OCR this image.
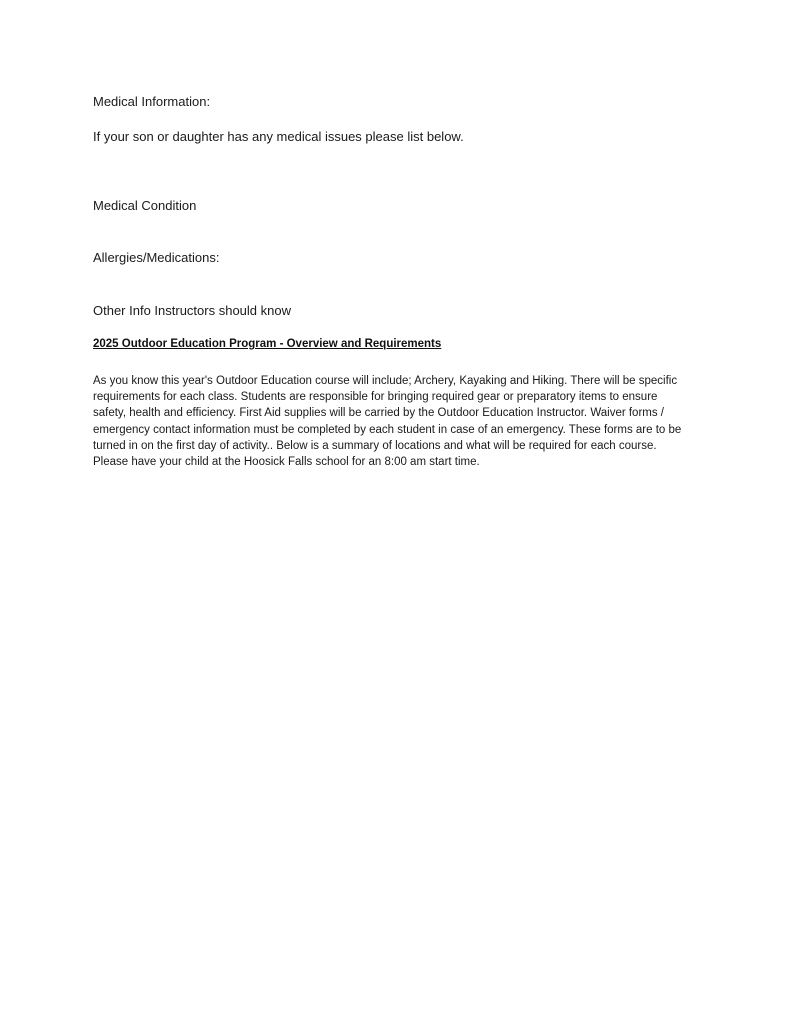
Medical Information:
If your son or daughter has any medical issues please list below.
Medical Condition
Allergies/Medications:
Other Info Instructors should know
2025 Outdoor Education Program - Overview and Requirements
As you know this year's Outdoor Education course will include; Archery, Kayaking and Hiking. There will be specific
requirements for each class. Students are responsible for bringing required gear or preparatory items to ensure
safety, health and efficiency. First Aid supplies will be carried by the Outdoor Education Instructor. Waiver forms /
emergency contact information must be completed by each student in case of an emergency. These forms are to be
turned in on the first day of activity.. Below is a summary of locations and what will be required for each course.
Please have your child at the Hoosick Falls school for an 8:00 am start time.
